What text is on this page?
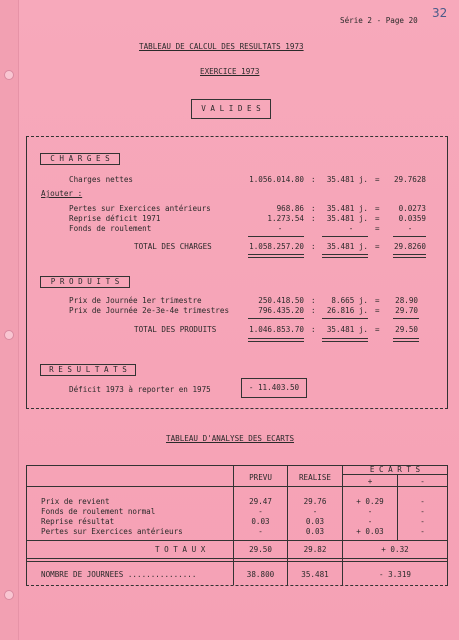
Série 2 - Page 20
32
TABLEAU DE CALCUL DES RESULTATS 1973
EXERCICE 1973
V A L I D E S
C H A R G E S
Charges nettes	1.056.014.80 :	35.481 j. =	29.7628
Ajouter :
Pertes sur Exercices antérieurs	968.86 :	35.481 j. =	0.0273
Reprise déficit 1971	1.273.54 :	35.481 j. =	0.0359
Fonds de roulement	-	-	=	-
TOTAL DES CHARGES	1.058.257.20 :	35.481 j. =	29.8260
P R O D U I T S
Prix de Journée 1er trimestre	250.418.50 :	8.665 j. =	28.90
Prix de Journée 2e-3e-4e trimestres	796.435.20 :	26.816 j. =	29.70
TOTAL DES PRODUITS	1.046.853.70 :	35.481 j. =	29.50
R E S U L T A T S
Déficit 1973 à reporter en 1975	- 11.403.50
TABLEAU D'ANALYSE DES ECARTS
PREVU	REALISE
E C A R T S
+	-
Prix de revient	29.47	29.76	+ 0.29	-
Fonds de roulement normal	-	-	-	-
Reprise résultat	0.03	0.03	-	-
Pertes sur Exercices antérieurs	-	0.03	+ 0.03	-
T O T A U X	29.50	29.82	+ 0.32
NOMBRE DE JOURNEES ...............	38.800	35.481	- 3.319
